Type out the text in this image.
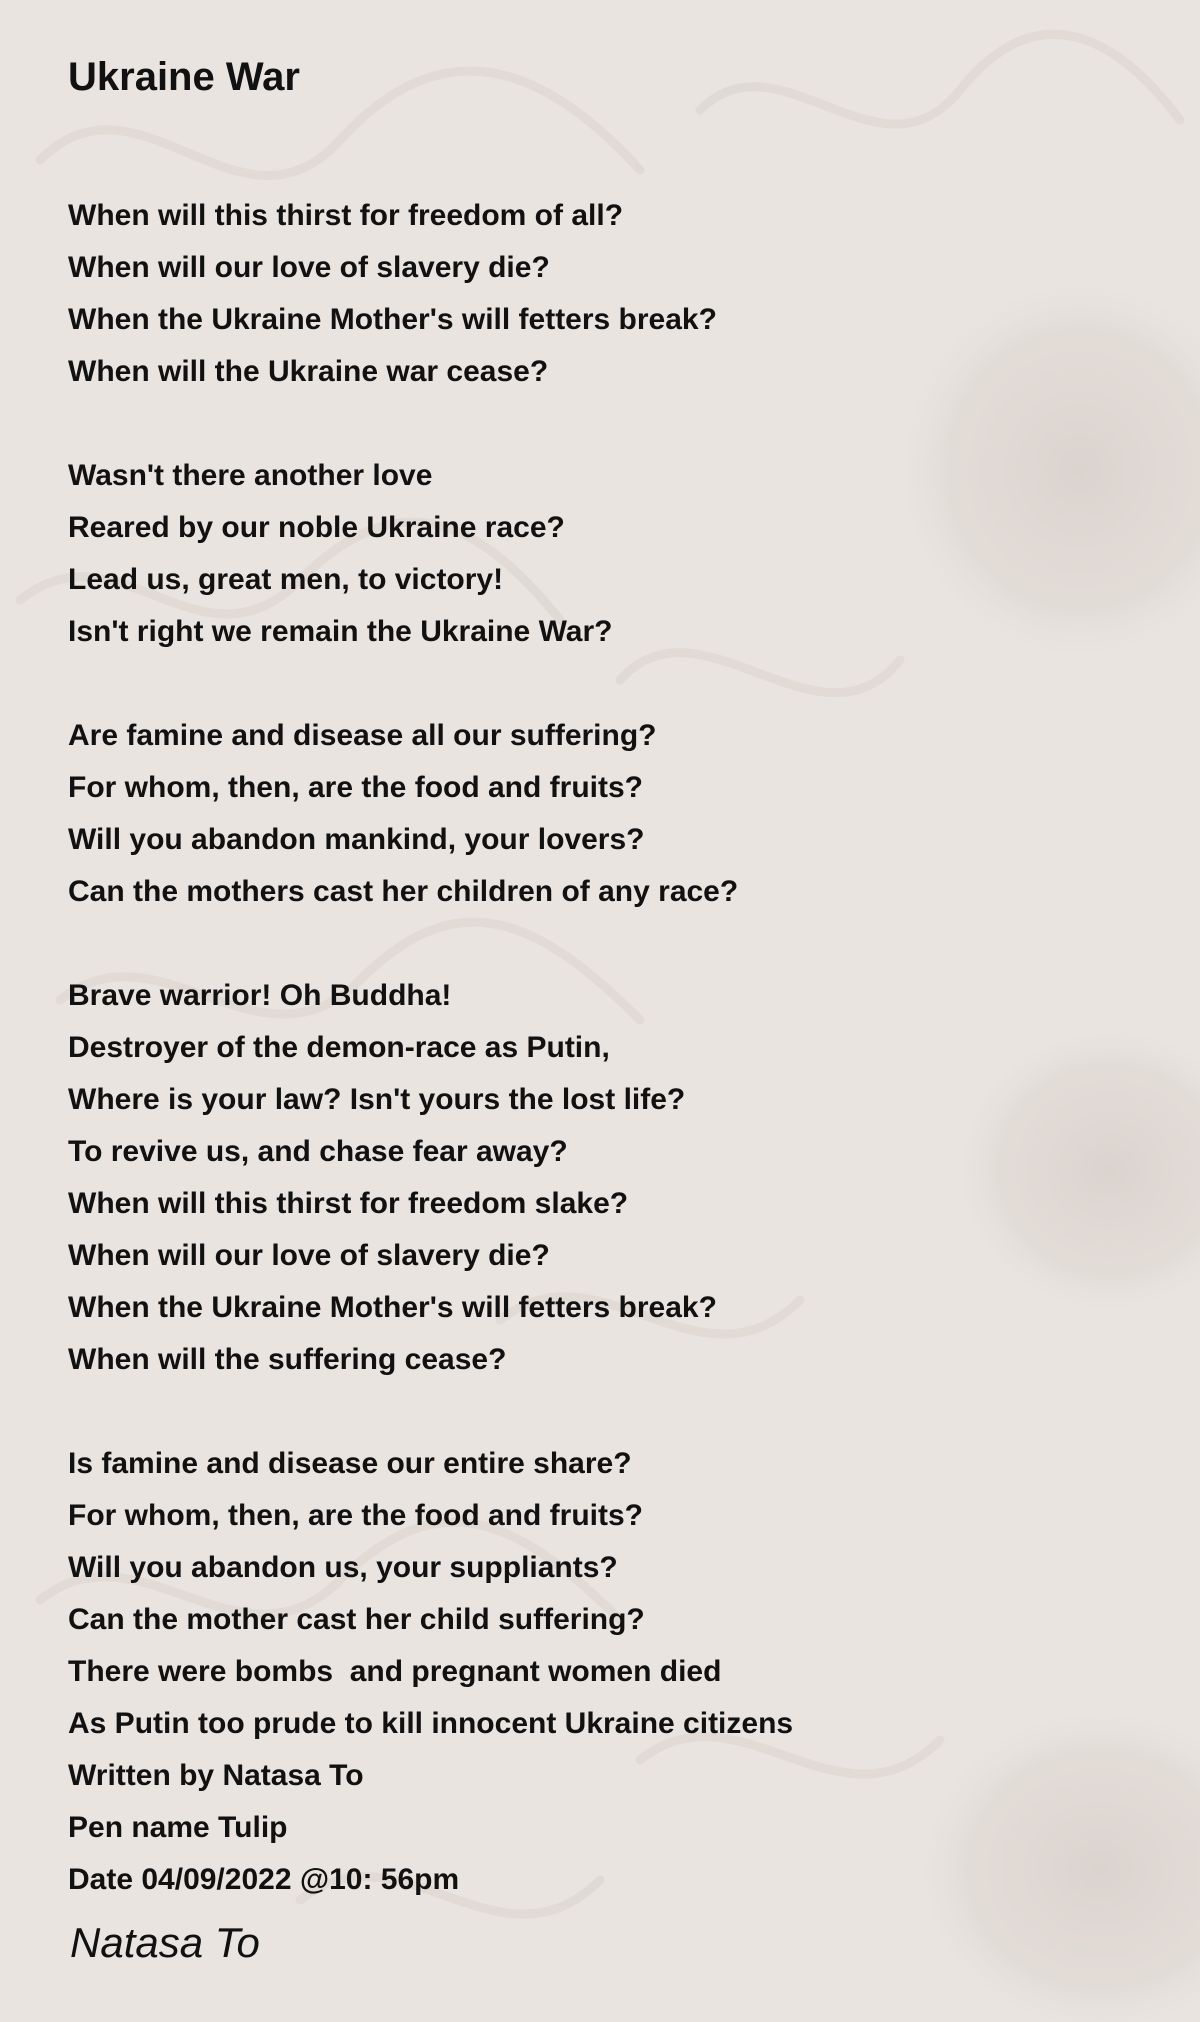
Ukraine War
When will this thirst for freedom of all?
When will our love of slavery die?
When the Ukraine Mother's will fetters break?
When will the Ukraine war cease?
Wasn't there another love
Reared by our noble Ukraine race?
Lead us, great men, to victory!
Isn't right we remain the Ukraine War?
Are famine and disease all our suffering?
For whom, then, are the food and fruits?
Will you abandon mankind, your lovers?
Can the mothers cast her children of any race?
Brave warrior! Oh Buddha!
Destroyer of the demon-race as Putin,
Where is your law? Isn't yours the lost life?
To revive us, and chase fear away?
When will this thirst for freedom slake?
When will our love of slavery die?
When the Ukraine Mother's will fetters break?
When will the suffering cease?
Is famine and disease our entire share?
For whom, then, are the food and fruits?
Will you abandon us, your suppliants?
Can the mother cast her child suffering?
There were bombs  and pregnant women died
As Putin too prude to kill innocent Ukraine citizens
Written by Natasa To
Pen name Tulip
Date 04/09/2022 @10: 56pm
Natasa To
